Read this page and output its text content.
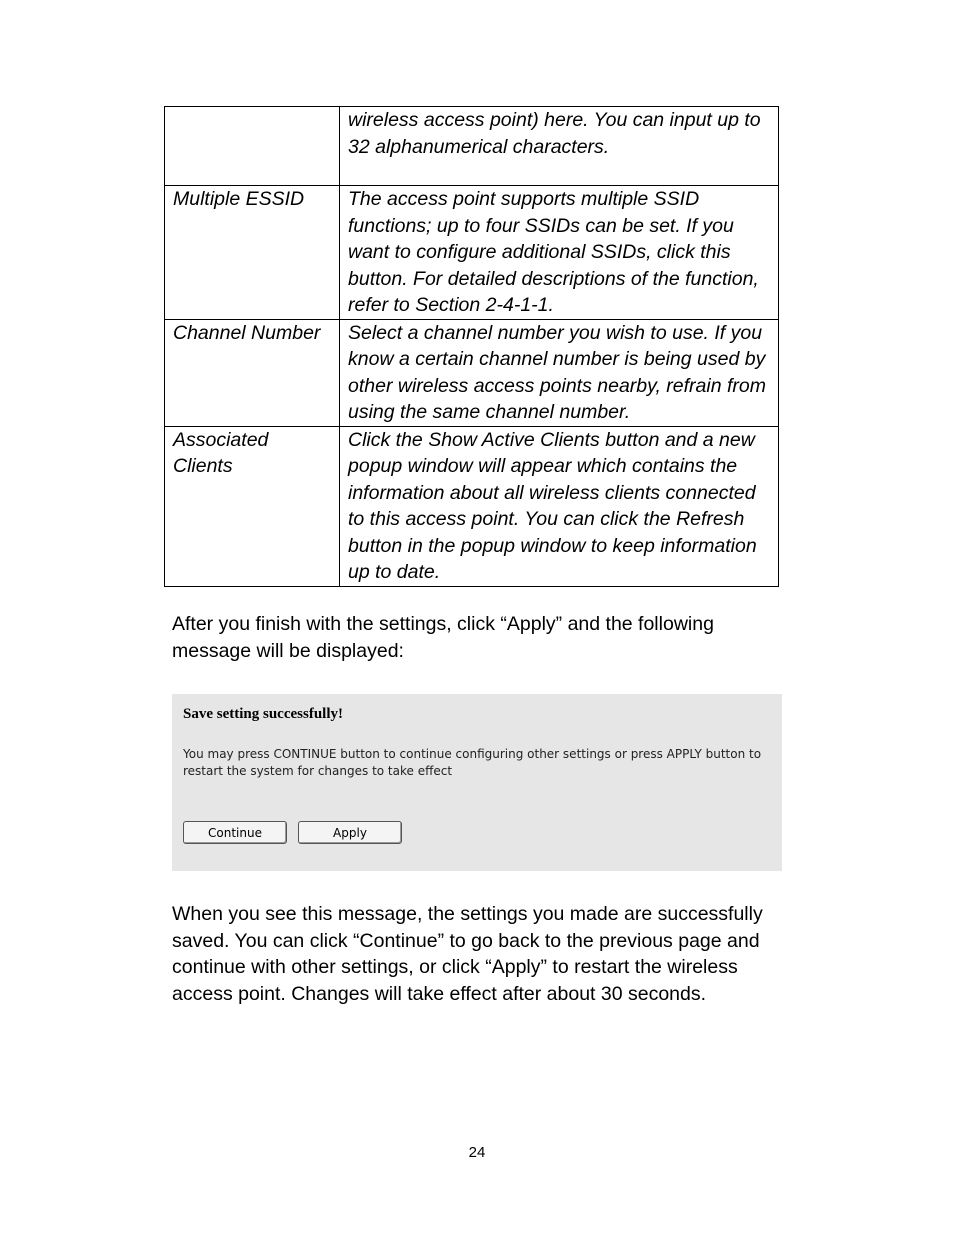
	wireless access point) here. You can input up to 32 alphanumerical characters.
Multiple ESSID	The access point supports multiple SSID functions; up to four SSIDs can be set. If you want to configure additional SSIDs, click this button. For detailed descriptions of the function, refer to Section 2-4-1-1.
Channel Number	Select a channel number you wish to use. If you know a certain channel number is being used by other wireless access points nearby, refrain from using the same channel number.
Associated Clients	Click the Show Active Clients button and a new popup window will appear which contains the information about all wireless clients connected to this access point. You can click the Refresh button in the popup window to keep information up to date.

After you finish with the settings, click “Apply” and the following message will be displayed:

Save setting successfully!
You may press CONTINUE button to continue configuring other settings or press APPLY button to restart the system for changes to take effect
Continue	Apply

When you see this message, the settings you made are successfully saved. You can click “Continue” to go back to the previous page and continue with other settings, or click “Apply” to restart the wireless access point. Changes will take effect after about 30 seconds.

24
